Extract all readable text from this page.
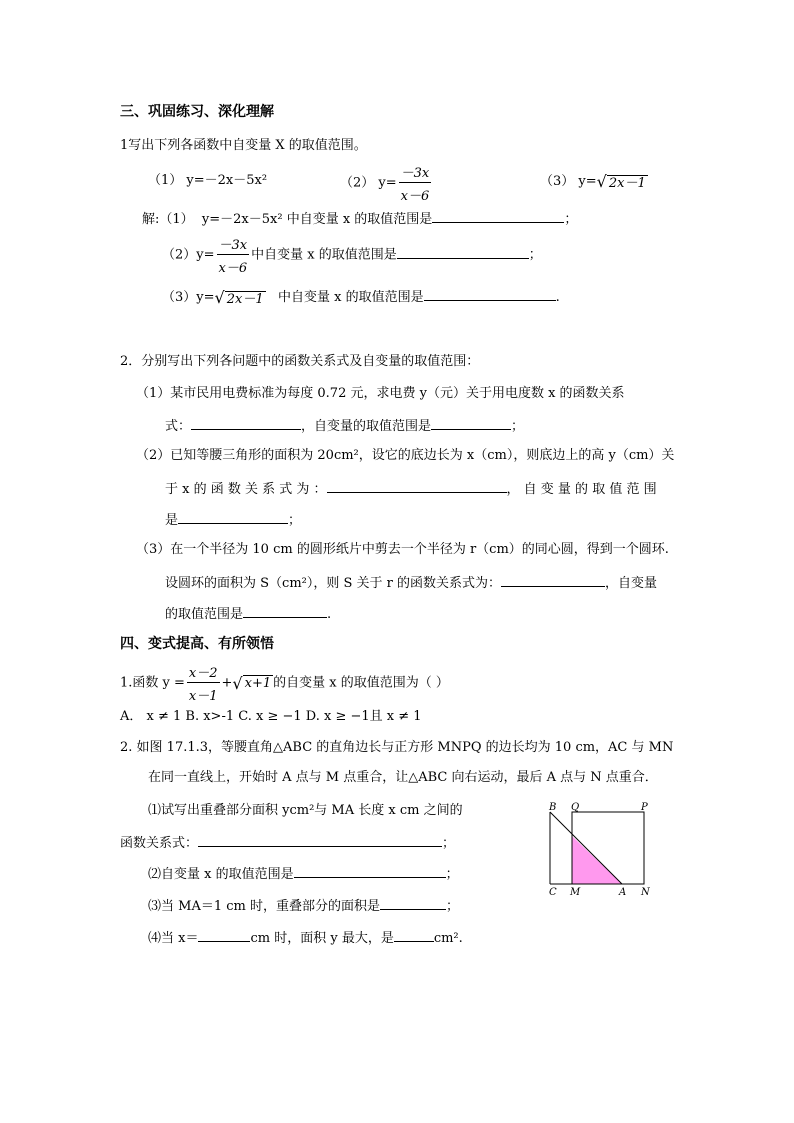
三、巩固练习、深化理解
1写出下列各函数中自变量 X 的取值范围。
（1） y=－2x－5x²	（2） $y= \frac{-3x}{x-6}$	（3） y=√ 2x－1
解:（1） y=－2x－5x² 中自变量 x 的取值范围是	；
$(2)y= \frac{-3x}{x-6}$ 中自变量 x 的取值范围是	；
（3）y=√ 2x－1 中自变量 x 的取值范围是	.
2．分别写出下列各问题中的函数关系式及自变量的取值范围：
（1）某市民用电费标准为每度 0.72 元，求电费 y（元）关于用电度数 x 的函数关系
式：	，自变量的取值范围是	；
（2）已知等腰三角形的面积为 20cm²，设它的底边长为 x（cm），则底边上的高 y（cm）关
于 x 的 函 数 关 系 式 为 ：	， 自 变 量 的 取 值 范 围
是	；
（3）在一个半径为 10 cm 的圆形纸片中剪去一个半径为 r（cm）的同心圆，得到一个圆环.
设圆环的面积为 S（cm²），则 S 关于 r 的函数关系式为：	，自变量
的取值范围是	.
四、变式提高、有所领悟
1.函数 $y = \frac{x-2}{x-1}$ +√ x+1 的自变量 x 的取值范围为（ ）
A． x ≠ 1 B. x>-1 C. x ≥ −1 D. x ≥ −1且 x ≠ 1
2. 如图 17.1.3，等腰直角△ABC 的直角边长与正方形 MNPQ 的边长均为 10 cm，AC 与 MN
在同一直线上，开始时 A 点与 M 点重合，让△ABC 向右运动，最后 A 点与 N 点重合．
⑴试写出重叠部分面积 ycm²与 MA 长度 x cm 之间的
函数关系式：	；
⑵自变量 x 的取值范围是	；
⑶当 MA＝1 cm 时，重叠部分的面积是	；
⑷当 x＝	cm 时，面积 y 最大，是	cm².
B Q	P
C M	A N
